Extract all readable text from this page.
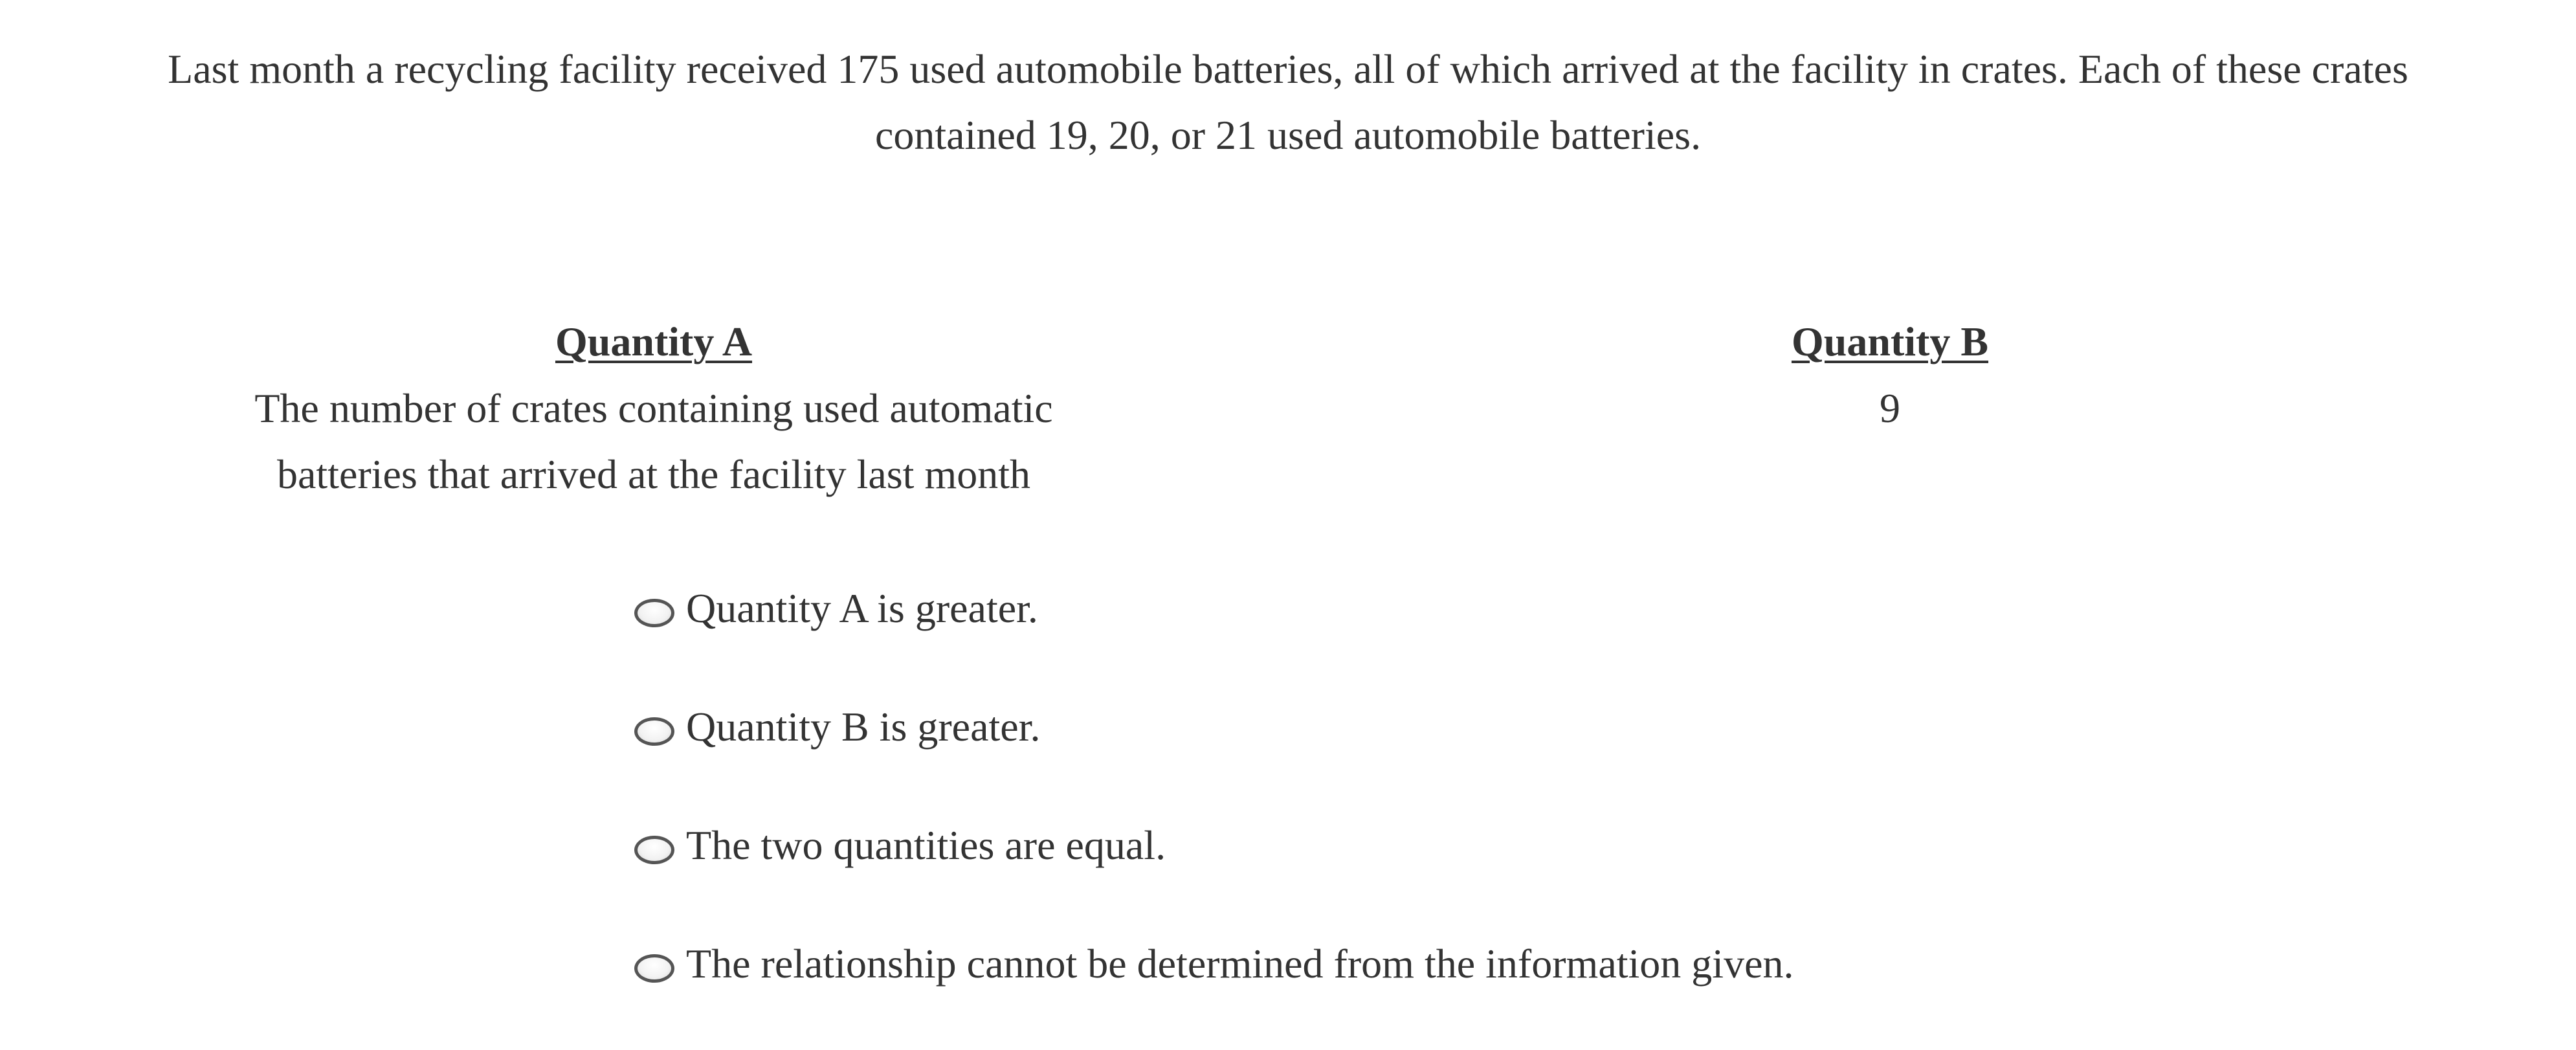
Last month a recycling facility received 175 used automobile batteries, all of which arrived at the facility in crates. Each of these crates contained 19, 20, or 21 used automobile batteries.

Quantity A

The number of crates containing used automatic batteries that arrived at the facility last month

Quantity B

9

Quantity A is greater.
Quantity B is greater.
The two quantities are equal.
The relationship cannot be determined from the information given.
